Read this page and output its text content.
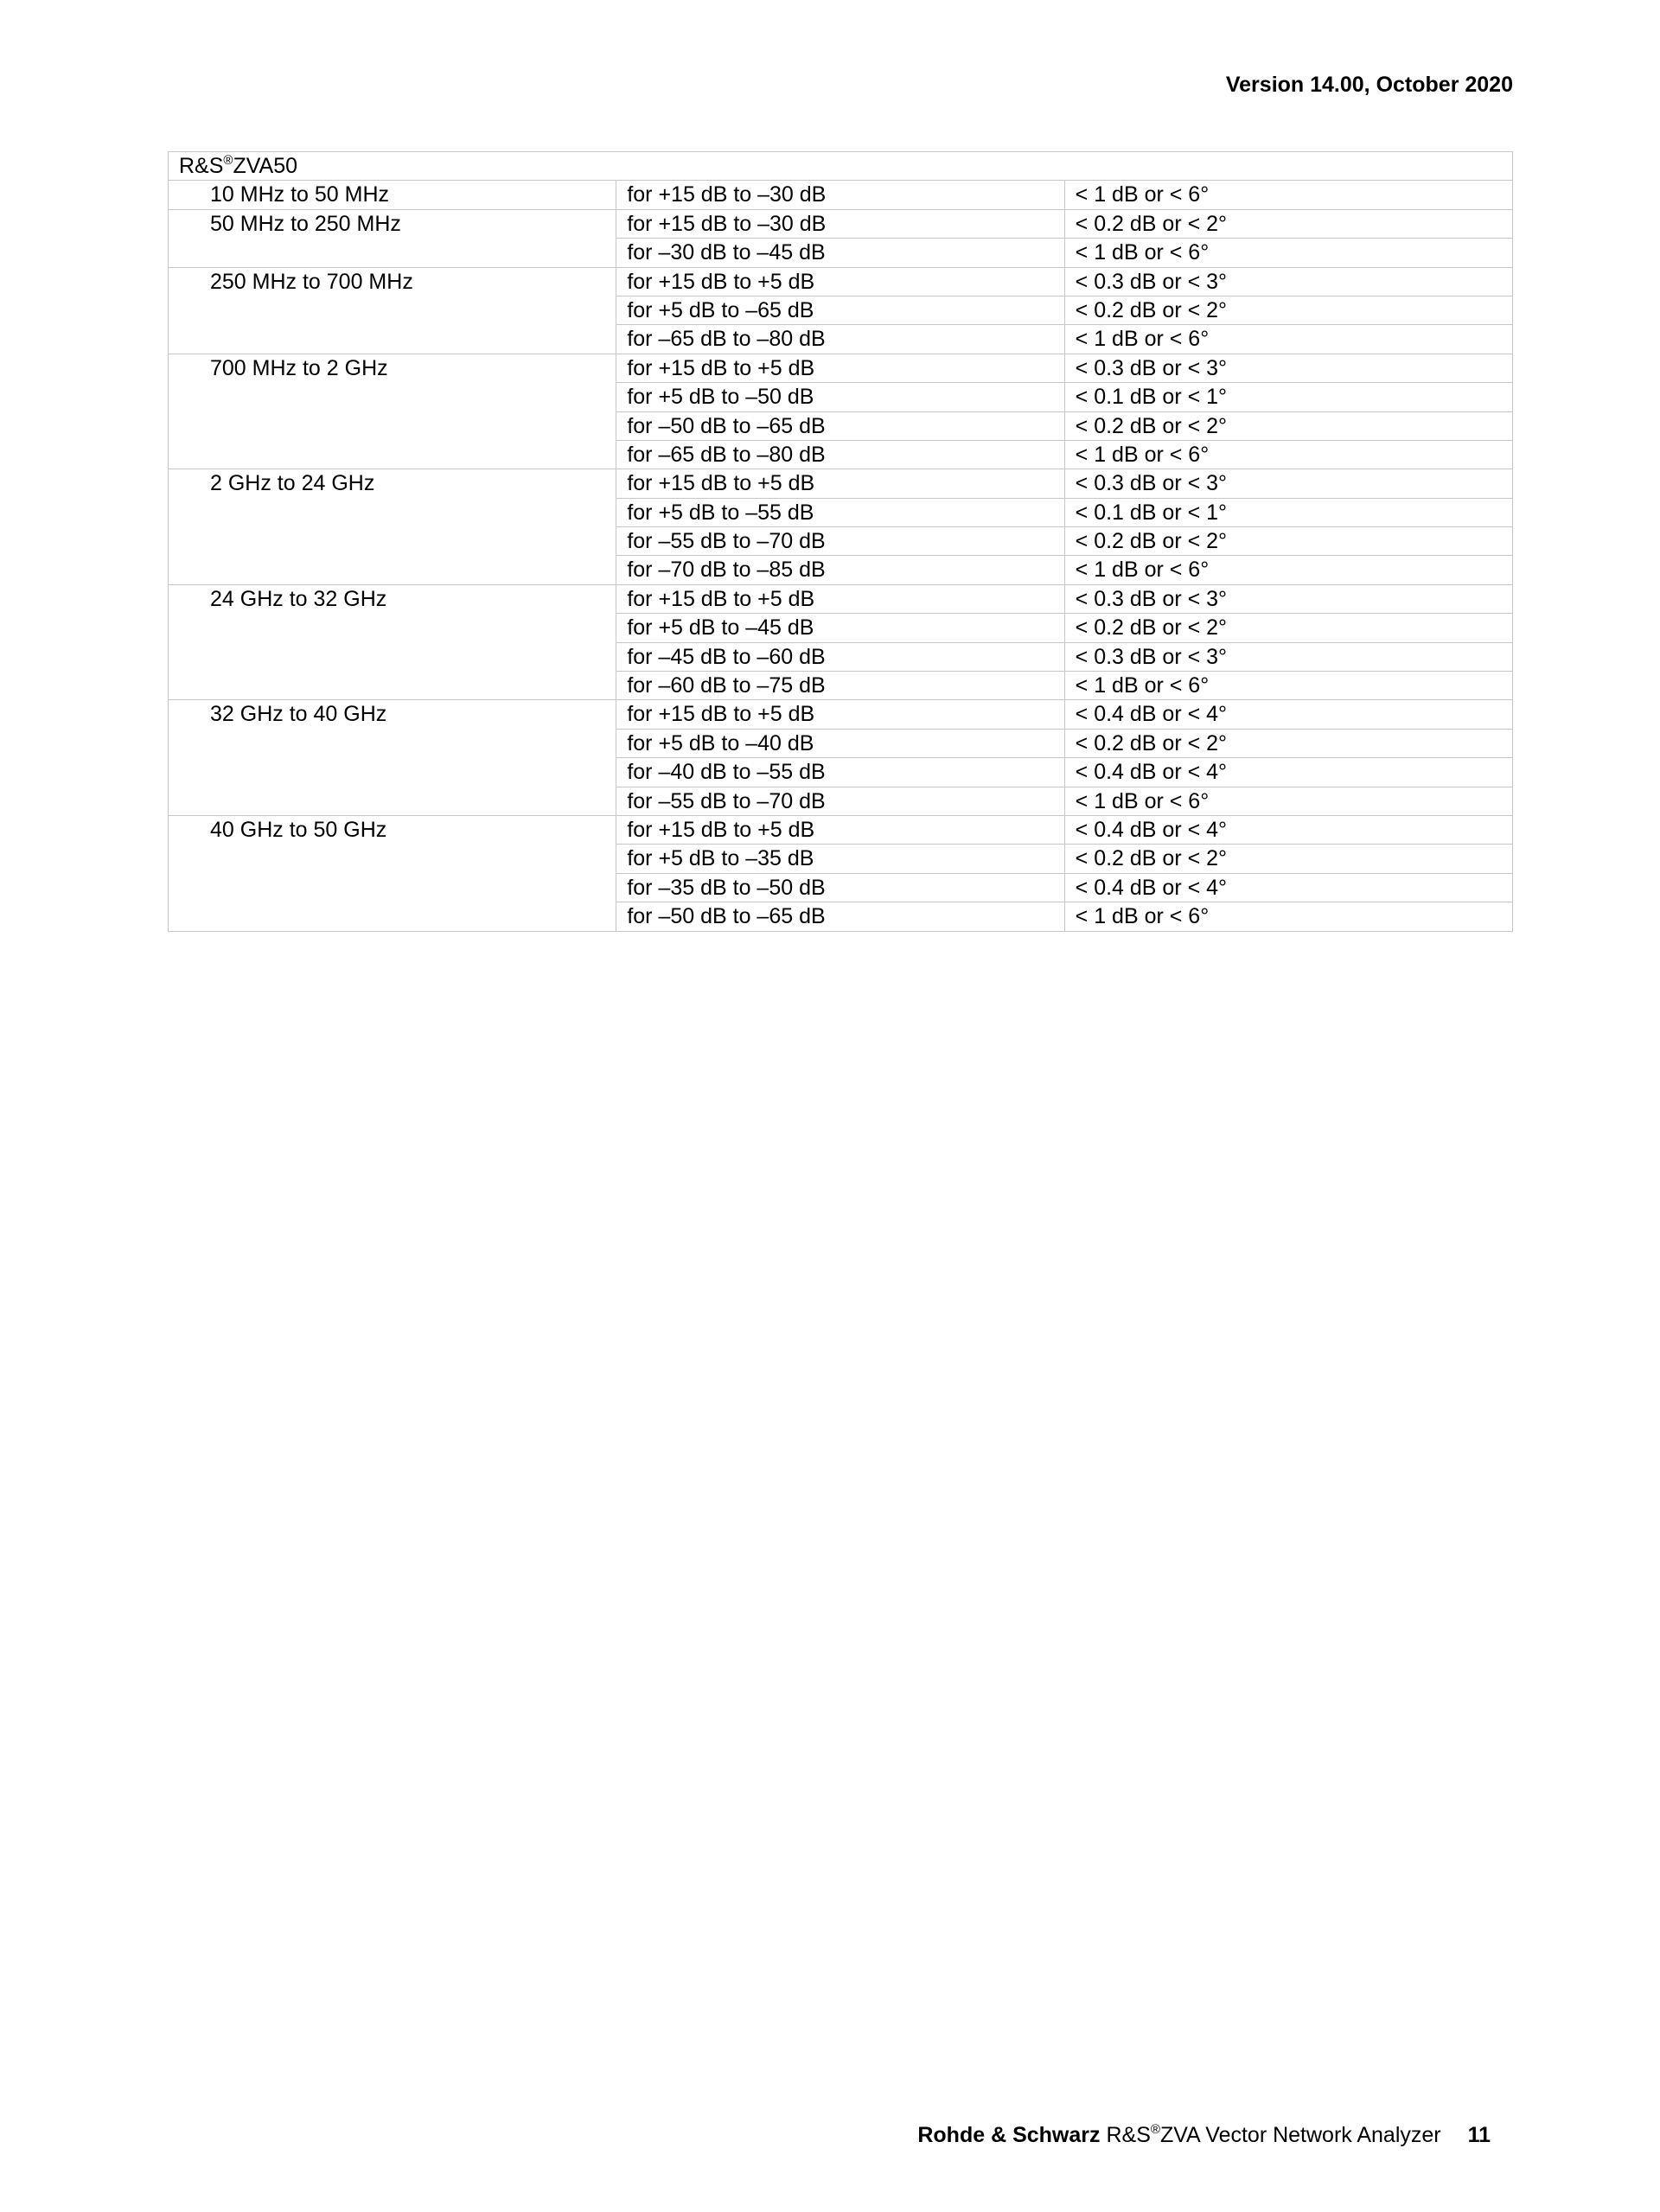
Version 14.00, October 2020
R&S®ZVA50		
10 MHz to 50 MHz	for +15 dB to –30 dB	< 1 dB or < 6°
50 MHz to 250 MHz	for +15 dB to –30 dB	< 0.2 dB or < 2°
	for –30 dB to –45 dB	< 1 dB or < 6°
250 MHz to 700 MHz	for +15 dB to +5 dB	< 0.3 dB or < 3°
	for +5 dB to –65 dB	< 0.2 dB or < 2°
	for –65 dB to –80 dB	< 1 dB or < 6°
700 MHz to 2 GHz	for +15 dB to +5 dB	< 0.3 dB or < 3°
	for +5 dB to –50 dB	< 0.1 dB or < 1°
	for –50 dB to –65 dB	< 0.2 dB or < 2°
	for –65 dB to –80 dB	< 1 dB or < 6°
2 GHz to 24 GHz	for +15 dB to +5 dB	< 0.3 dB or < 3°
	for +5 dB to –55 dB	< 0.1 dB or < 1°
	for –55 dB to –70 dB	< 0.2 dB or < 2°
	for –70 dB to –85 dB	< 1 dB or < 6°
24 GHz to 32 GHz	for +15 dB to +5 dB	< 0.3 dB or < 3°
	for +5 dB to –45 dB	< 0.2 dB or < 2°
	for –45 dB to –60 dB	< 0.3 dB or < 3°
	for –60 dB to –75 dB	< 1 dB or < 6°
32 GHz to 40 GHz	for +15 dB to +5 dB	< 0.4 dB or < 4°
	for +5 dB to –40 dB	< 0.2 dB or < 2°
	for –40 dB to –55 dB	< 0.4 dB or < 4°
	for –55 dB to –70 dB	< 1 dB or < 6°
40 GHz to 50 GHz	for +15 dB to +5 dB	< 0.4 dB or < 4°
	for +5 dB to –35 dB	< 0.2 dB or < 2°
	for –35 dB to –50 dB	< 0.4 dB or < 4°
	for –50 dB to –65 dB	< 1 dB or < 6°
Rohde & Schwarz R&S®ZVA Vector Network Analyzer 11
